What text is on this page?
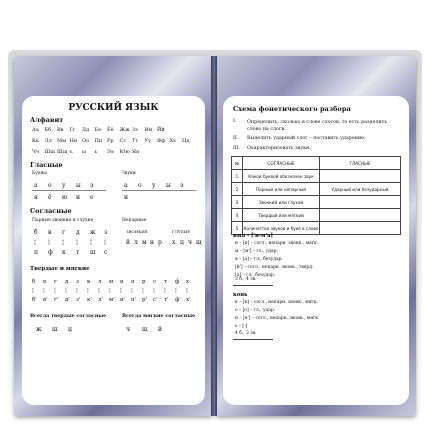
РУССКИЙ ЯЗЫК
Алфавит
Аа	Бб	Вв	Гг	Дд	Ее	Ёё	Жж Зз	Ии Йй
Кк	Лл	Мм Нн Оо	Пп Рр	Сс	Тт	Уу	Фф Хх	Цц
Чч	Шш Щщ ъ	ы	ь	Ээ	Юю Яя
Гласные
Буквы	Звуки
а	о	у	ы	э
я	ё	ю	и	е
а	о	у	ы	э
и
Согласные
Парные звонкие и глухие	Непарные
ЗВОНКИЕ	ГЛУХИЕ
б	в	г	д	ж	з
¦	¦	¦	¦	¦	¦
п	ф	к	т	ш	с
й л м н р	х ц ч щ
Твердые и мягкие
б	в	г	д	з	к	л	м	н	п	р	с	т	ф	х
¦	¦	¦	¦	¦	¦	¦	¦	¦	¦	¦	¦	¦	¦	¦
б'	в'	г'	д'	з'	к'	л'	м' н'	п'	р'	с'	т'	ф' х'
Всегда твердые согласные	Всегда мягкие согласные
ж	ш	ц	ч	щ	й
Схема фонетического разбора
I. Определить, сколько в слове слогов, то есть разделить слово на слоги.
II. Выделить ударный слог – поставить ударение.
III. Охарактеризовать звуки:
№	СОГЛАСНЫЕ	ГЛАСНЫЕ
1	Какой буквой обозначен звук	
2	Парный или непарный	Ударный или безударный
3	Звонкий или глухой	
4	Твердый или мягкий	
5	Количество звуков и букв в слове	
имя - ['и-м'а]
и – [и] – согл., непарн. звонк., мягк.
м – [м'] – гл., удар.
я – [а] – гл., безудар.
[й'] – согл., непарн. звонк., тверд.
[а] – гл., безудар.
3 б., 4 зв.
конь
к – [к] – согл., непарн. звонк., мягк.
о – [о] – гл., удар.
н – [н'] – согл., непарн. звонк., мягк.
ь – [-]
4 б., 3 зв.
